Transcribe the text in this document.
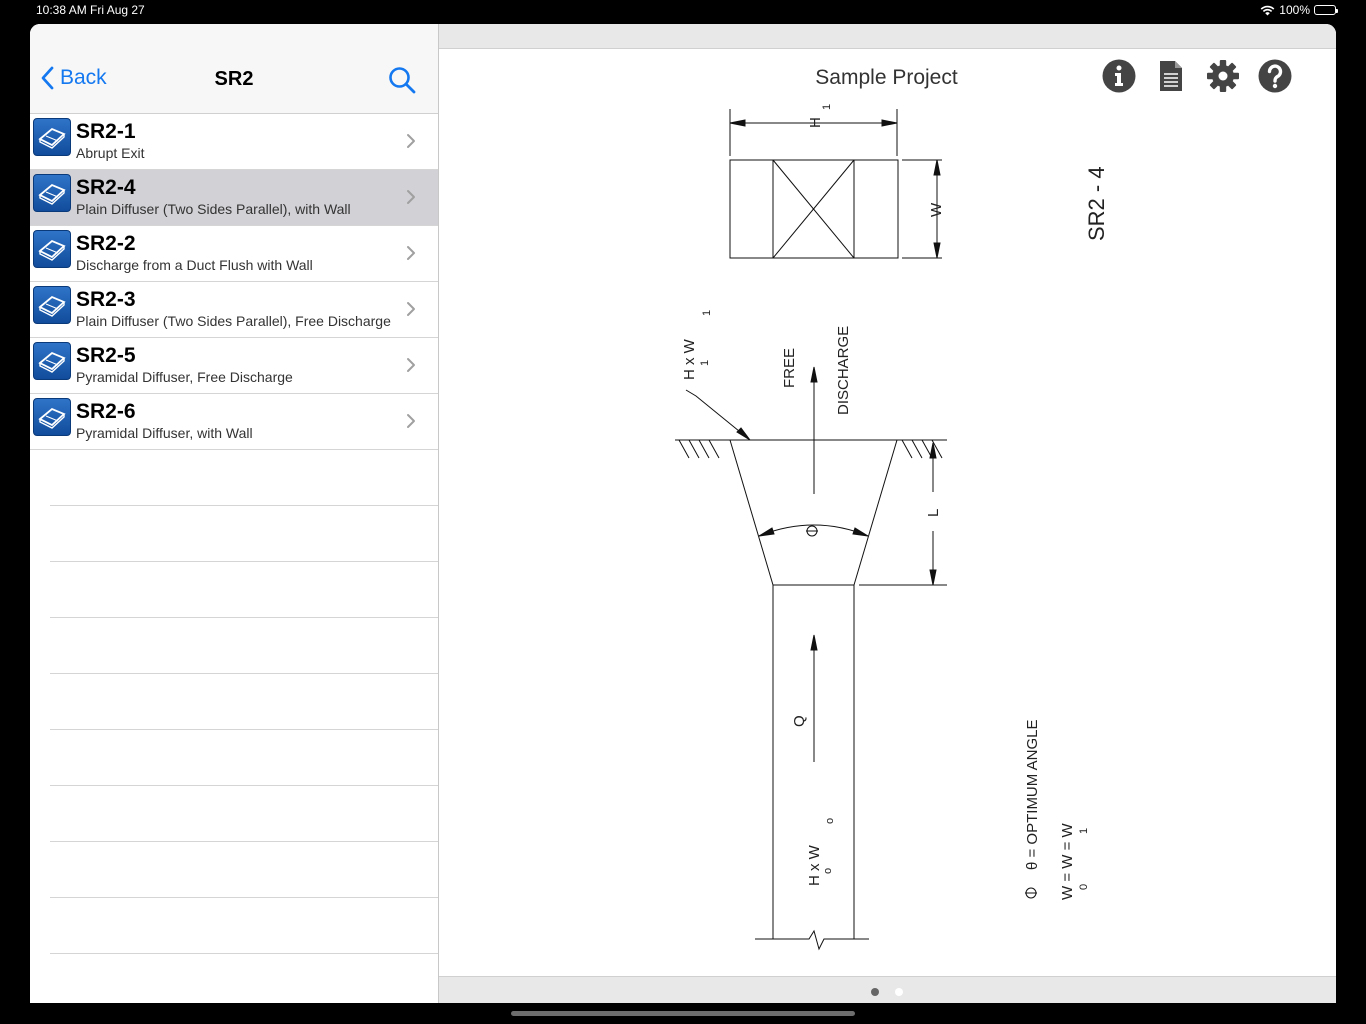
10:38 AM Fri Aug 27	100%
Back	SR2
SR2-1
Abrupt Exit
SR2-4
Plain Diffuser (Two Sides Parallel), with Wall
SR2-2
Discharge from a Duct Flush with Wall
SR2-3
Plain Diffuser (Two Sides Parallel), Free Discharge
SR2-5
Pyramidal Diffuser, Free Discharge
SR2-6
Pyramidal Diffuser, with Wall
Sample Project
H
1
W	SR2 - 4
H x W 1
1
FREE DISCHARGE
L
Q
H x W o
o	θ = OPTIMUM ANGLE W = W = W 0
1
